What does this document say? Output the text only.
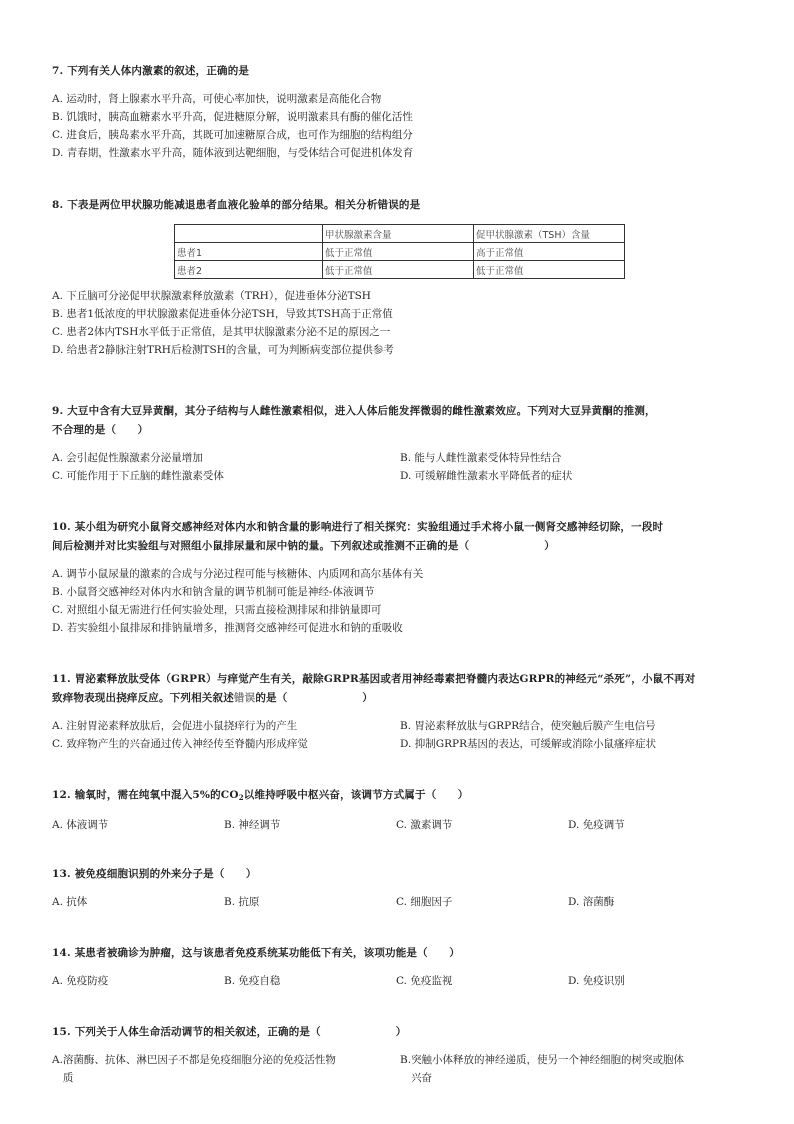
7. 下列有关人体内激素的叙述，正确的是
A. 运动时，肾上腺素水平升高，可使心率加快，说明激素是高能化合物
B. 饥饿时，胰高血糖素水平升高，促进糖原分解，说明激素具有酶的催化活性
C. 进食后，胰岛素水平升高，其既可加速糖原合成，也可作为细胞的结构组分
D. 青春期，性激素水平升高，随体液到达靶细胞，与受体结合可促进机体发育
8. 下表是两位甲状腺功能减退患者血液化验单的部分结果。相关分析错误的是
	甲状腺激素含量	促甲状腺激素（TSH）含量
患者1	低于正常值	高于正常值
患者2	低于正常值	低于正常值
A. 下丘脑可分泌促甲状腺激素释放激素（TRH），促进垂体分泌TSH
B. 患者1低浓度的甲状腺激素促进垂体分泌TSH，导致其TSH高于正常值
C. 患者2体内TSH水平低于正常值，是其甲状腺激素分泌不足的原因之一
D. 给患者2静脉注射TRH后检测TSH的含量，可为判断病变部位提供参考
9. 大豆中含有大豆异黄酮，其分子结构与人雌性激素相似，进入人体后能发挥微弱的雌性激素效应。下列对大豆异黄酮的推测，
不合理的是（　　）
A. 会引起促性腺激素分泌量增加	B. 能与人雌性激素受体特异性结合
C. 可能作用于下丘脑的雌性激素受体	D. 可缓解雌性激素水平降低者的症状
10. 某小组为研究小鼠肾交感神经对体内水和钠含量的影响进行了相关探究：实验组通过手术将小鼠一侧肾交感神经切除，一段时
间后检测并对比实验组与对照组小鼠排尿量和尿中钠的量。下列叙述或推测不正确的是（　　　　　　　）
A. 调节小鼠尿量的激素的合成与分泌过程可能与核糖体、内质网和高尔基体有关
B. 小鼠肾交感神经对体内水和钠含量的调节机制可能是神经-体液调节
C. 对照组小鼠无需进行任何实验处理，只需直接检测排尿和排钠量即可
D. 若实验组小鼠排尿和排钠量增多，推测肾交感神经可促进水和钠的重吸收
11. 胃泌素释放肽受体（GRPR）与痒觉产生有关，敲除GRPR基因或者用神经毒素把脊髓内表达GRPR的神经元“杀死”，小鼠不再对
致痒物表现出挠痒反应。下列相关叙述错误的是（　　　　　　　）
A. 注射胃泌素释放肽后，会促进小鼠挠痒行为的产生	B. 胃泌素释放肽与GRPR结合，使突触后膜产生电信号
C. 致痒物产生的兴奋通过传入神经传至脊髓内形成痒觉	D. 抑制GRPR基因的表达，可缓解或消除小鼠瘙痒症状
12. 输氧时，需在纯氧中混入5%的$CO_2$以维持呼吸中枢兴奋，该调节方式属于（　　）
A. 体液调节	B. 神经调节	C. 激素调节	D. 免疫调节
13. 被免疫细胞识别的外来分子是（　　）
A. 抗体	B. 抗原	C. 细胞因子	D. 溶菌酶
14. 某患者被确诊为肿瘤，这与该患者免疫系统某功能低下有关，该项功能是（　　）
A. 免疫防疫	B. 免疫自稳	C. 免疫监视	D. 免疫识别
15. 下列关于人体生命活动调节的相关叙述，正确的是（　　　　　　　）
A. 溶菌酶、抗体、淋巴因子不都是免疫细胞分泌的免疫活性物
质
B. 突触小体释放的神经递质，使另一个神经细胞的树突或胞体
兴奋
